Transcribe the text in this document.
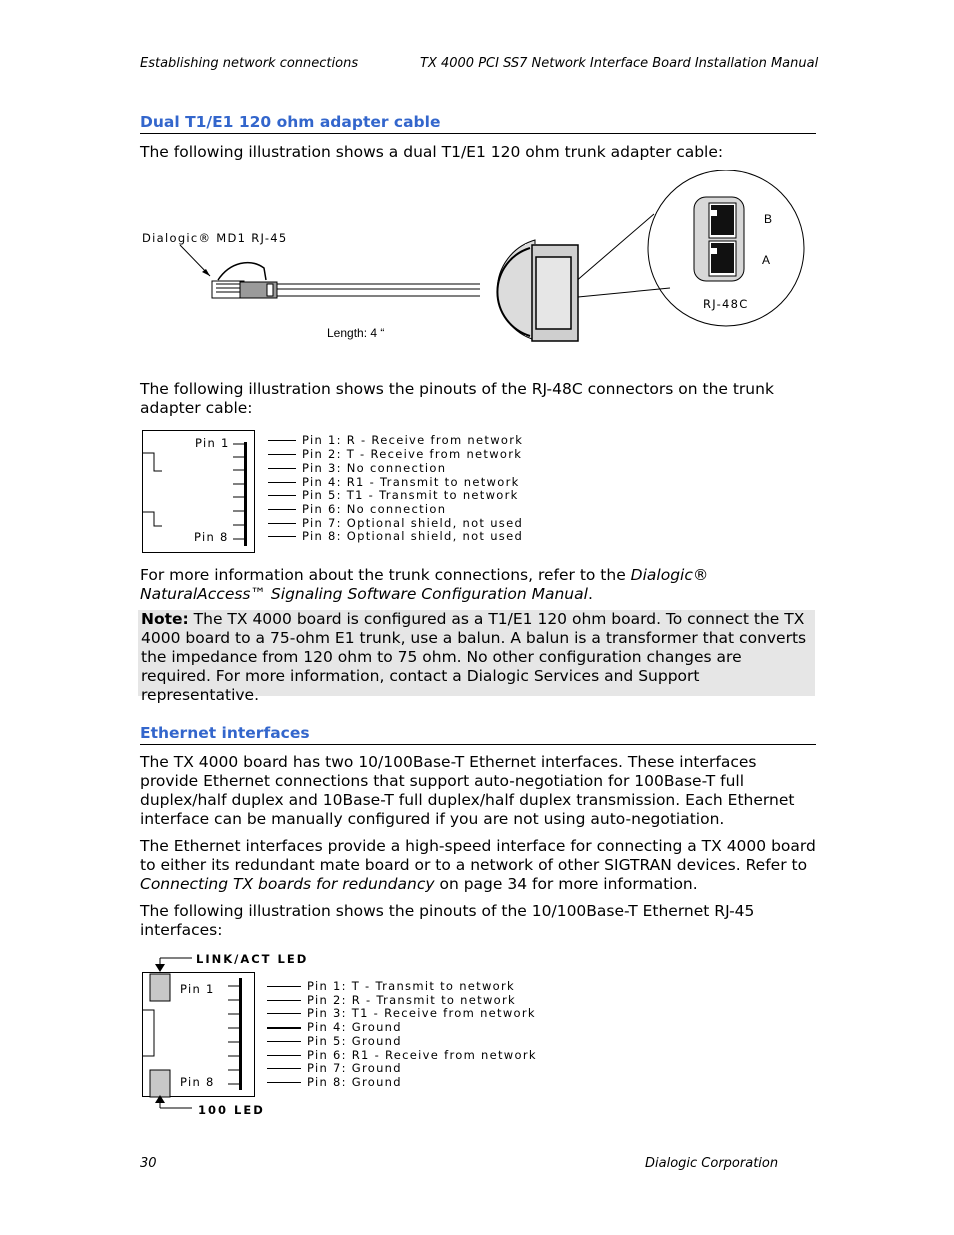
Establishing network connections	TX 4000 PCI SS7 Network Interface Board Installation Manual
Dual T1/E1 120 ohm adapter cable

The following illustration shows a dual T1/E1 120 ohm trunk adapter cable:

Dialogic® MD1 RJ-45
Length: 4 “
B
A
RJ-48C

The following illustration shows the pinouts of the RJ-48C connectors on the trunk adapter cable:

Pin 1
Pin 8
Pin 1: R - Receive from network
Pin 2: T - Receive from network
Pin 3: No connection
Pin 4: R1 - Transmit to network
Pin 5: T1 - Transmit to network
Pin 6: No connection
Pin 7: Optional shield, not used
Pin 8: Optional shield, not used

For more information about the trunk connections, refer to the Dialogic® NaturalAccess™ Signaling Software Configuration Manual.

Note: The TX 4000 board is configured as a T1/E1 120 ohm board. To connect the TX 4000 board to a 75-ohm E1 trunk, use a balun. A balun is a transformer that converts the impedance from 120 ohm to 75 ohm. No other configuration changes are required. For more information, contact a Dialogic Services and Support representative.
Ethernet interfaces

The TX 4000 board has two 10/100Base-T Ethernet interfaces. These interfaces provide Ethernet connections that support auto-negotiation for 100Base-T full duplex/half duplex and 10Base-T full duplex/half duplex transmission. Each Ethernet interface can be manually configured if you are not using auto-negotiation.

The Ethernet interfaces provide a high-speed interface for connecting a TX 4000 board to either its redundant mate board or to a network of other SIGTRAN devices. Refer to Connecting TX boards for redundancy on page 34 for more information.

The following illustration shows the pinouts of the 10/100Base-T Ethernet RJ-45 interfaces:

LINK/ACT LED
100 LED
Pin 1
Pin 8
Pin 1: T - Transmit to network
Pin 2: R - Transmit to network
Pin 3: T1 - Receive from network
Pin 4: Ground
Pin 5: Ground
Pin 6: R1 - Receive from network
Pin 7: Ground
Pin 8: Ground
30	Dialogic Corporation
